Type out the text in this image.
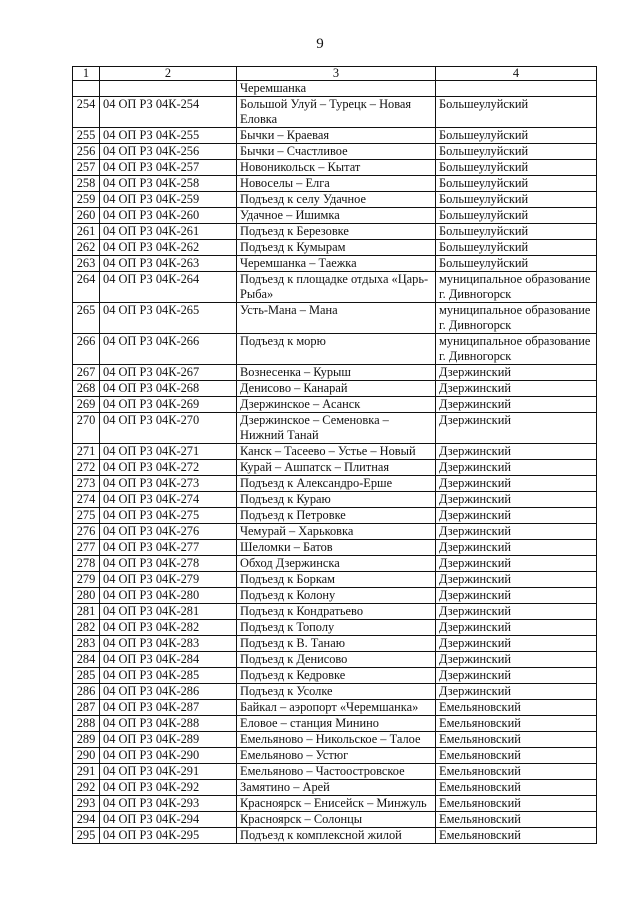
9
1	2	3	4
		Черемшанка	
254	04 ОП РЗ 04К-254	Большой Улуй – Турецк – Новая Еловка	Большеулуйский
255	04 ОП РЗ 04К-255	Бычки – Краевая	Большеулуйский
256	04 ОП РЗ 04К-256	Бычки – Счастливое	Большеулуйский
257	04 ОП РЗ 04К-257	Новоникольск – Кытат	Большеулуйский
258	04 ОП РЗ 04К-258	Новоселы – Елга	Большеулуйский
259	04 ОП РЗ 04К-259	Подъезд к селу Удачное	Большеулуйский
260	04 ОП РЗ 04К-260	Удачное – Ишимка	Большеулуйский
261	04 ОП РЗ 04К-261	Подъезд к Березовке	Большеулуйский
262	04 ОП РЗ 04К-262	Подъезд к Кумырам	Большеулуйский
263	04 ОП РЗ 04К-263	Черемшанка – Таежка	Большеулуйский
264	04 ОП РЗ 04К-264	Подъезд к площадке отдыха «Царь-Рыба»	муниципальное образование г. Дивногорск
265	04 ОП РЗ 04К-265	Усть-Мана – Мана	муниципальное образование г. Дивногорск
266	04 ОП РЗ 04К-266	Подъезд к морю	муниципальное образование г. Дивногорск
267	04 ОП РЗ 04К-267	Вознесенка – Курыш	Дзержинский
268	04 ОП РЗ 04К-268	Денисово – Канарай	Дзержинский
269	04 ОП РЗ 04К-269	Дзержинское – Асанск	Дзержинский
270	04 ОП РЗ 04К-270	Дзержинское – Семеновка – Нижний Танай	Дзержинский
271	04 ОП РЗ 04К-271	Канск – Тасеево – Устье – Новый	Дзержинский
272	04 ОП РЗ 04К-272	Курай – Ашпатск – Плитная	Дзержинский
273	04 ОП РЗ 04К-273	Подъезд к Александро-Ерше	Дзержинский
274	04 ОП РЗ 04К-274	Подъезд к Кураю	Дзержинский
275	04 ОП РЗ 04К-275	Подъезд к Петровке	Дзержинский
276	04 ОП РЗ 04К-276	Чемурай – Харьковка	Дзержинский
277	04 ОП РЗ 04К-277	Шеломки – Батов	Дзержинский
278	04 ОП РЗ 04К-278	Обход Дзержинска	Дзержинский
279	04 ОП РЗ 04К-279	Подъезд к Боркам	Дзержинский
280	04 ОП РЗ 04К-280	Подъезд к Колону	Дзержинский
281	04 ОП РЗ 04К-281	Подъезд к Кондратьево	Дзержинский
282	04 ОП РЗ 04К-282	Подъезд к Тополу	Дзержинский
283	04 ОП РЗ 04К-283	Подъезд к В. Танаю	Дзержинский
284	04 ОП РЗ 04К-284	Подъезд к Денисово	Дзержинский
285	04 ОП РЗ 04К-285	Подъезд к Кедровке	Дзержинский
286	04 ОП РЗ 04К-286	Подъезд к Усолке	Дзержинский
287	04 ОП РЗ 04К-287	Байкал – аэропорт «Черемшанка»	Емельяновский
288	04 ОП РЗ 04К-288	Еловое – станция Минино	Емельяновский
289	04 ОП РЗ 04К-289	Емельяново – Никольское – Талое	Емельяновский
290	04 ОП РЗ 04К-290	Емельяново – Устюг	Емельяновский
291	04 ОП РЗ 04К-291	Емельяново – Частоостровское	Емельяновский
292	04 ОП РЗ 04К-292	Замятино – Арей	Емельяновский
293	04 ОП РЗ 04К-293	Красноярск – Енисейск – Минжуль	Емельяновский
294	04 ОП РЗ 04К-294	Красноярск – Солонцы	Емельяновский
295	04 ОП РЗ 04К-295	Подъезд к комплексной жилой	Емельяновский
